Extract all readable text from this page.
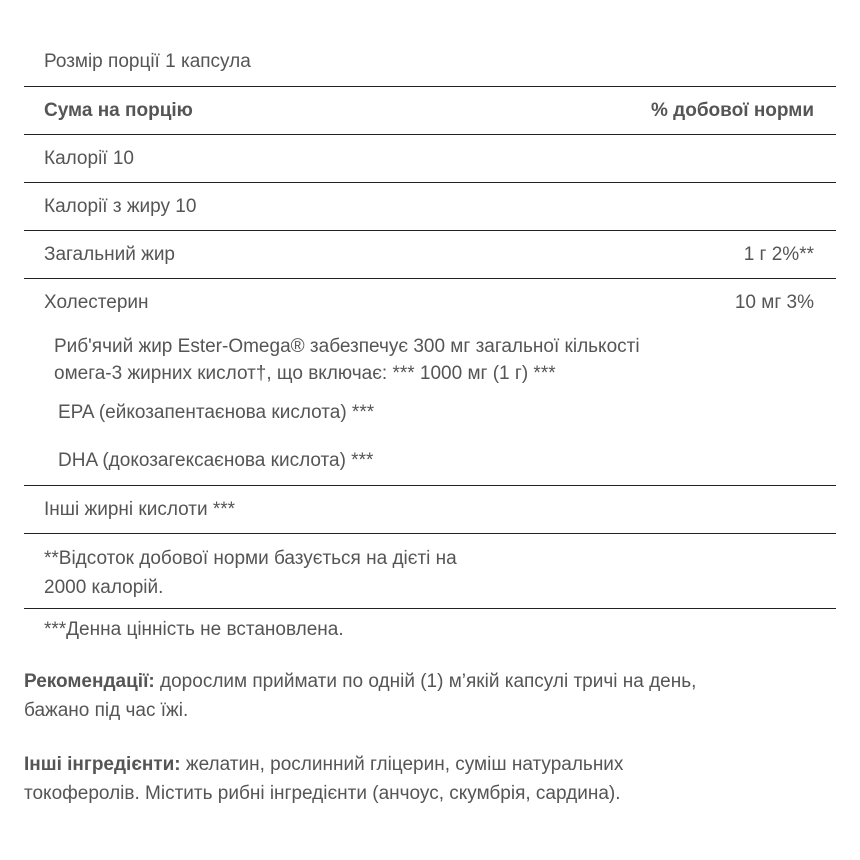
Розмір порції 1 капсула
Сума на порцію	% добової норми
Калорії 10
Калорії з жиру 10
Загальний жир	1 г 2%**
Холестерин	10 мг 3%
Риб'ячий жир Ester-Omega® забезпечує 300 мг загальної кількості
омега-3 жирних кислот†, що включає: *** 1000 мг (1 г) ***
EPA (ейкозапентаєнова кислота) ***
DHA (докозагексаєнова кислота) ***
Інші жирні кислоти ***
**Відсоток добової норми базується на дієті на
2000 калорій.
***Денна цінність не встановлена.
Рекомендації: дорослим приймати по одній (1) м’якій капсулі тричі на день,
бажано під час їжі.
Інші інгредієнти: желатин, рослинний гліцерин, суміш натуральних
токоферолів. Містить рибні інгредієнти (анчоус, скумбрія, сардина).
